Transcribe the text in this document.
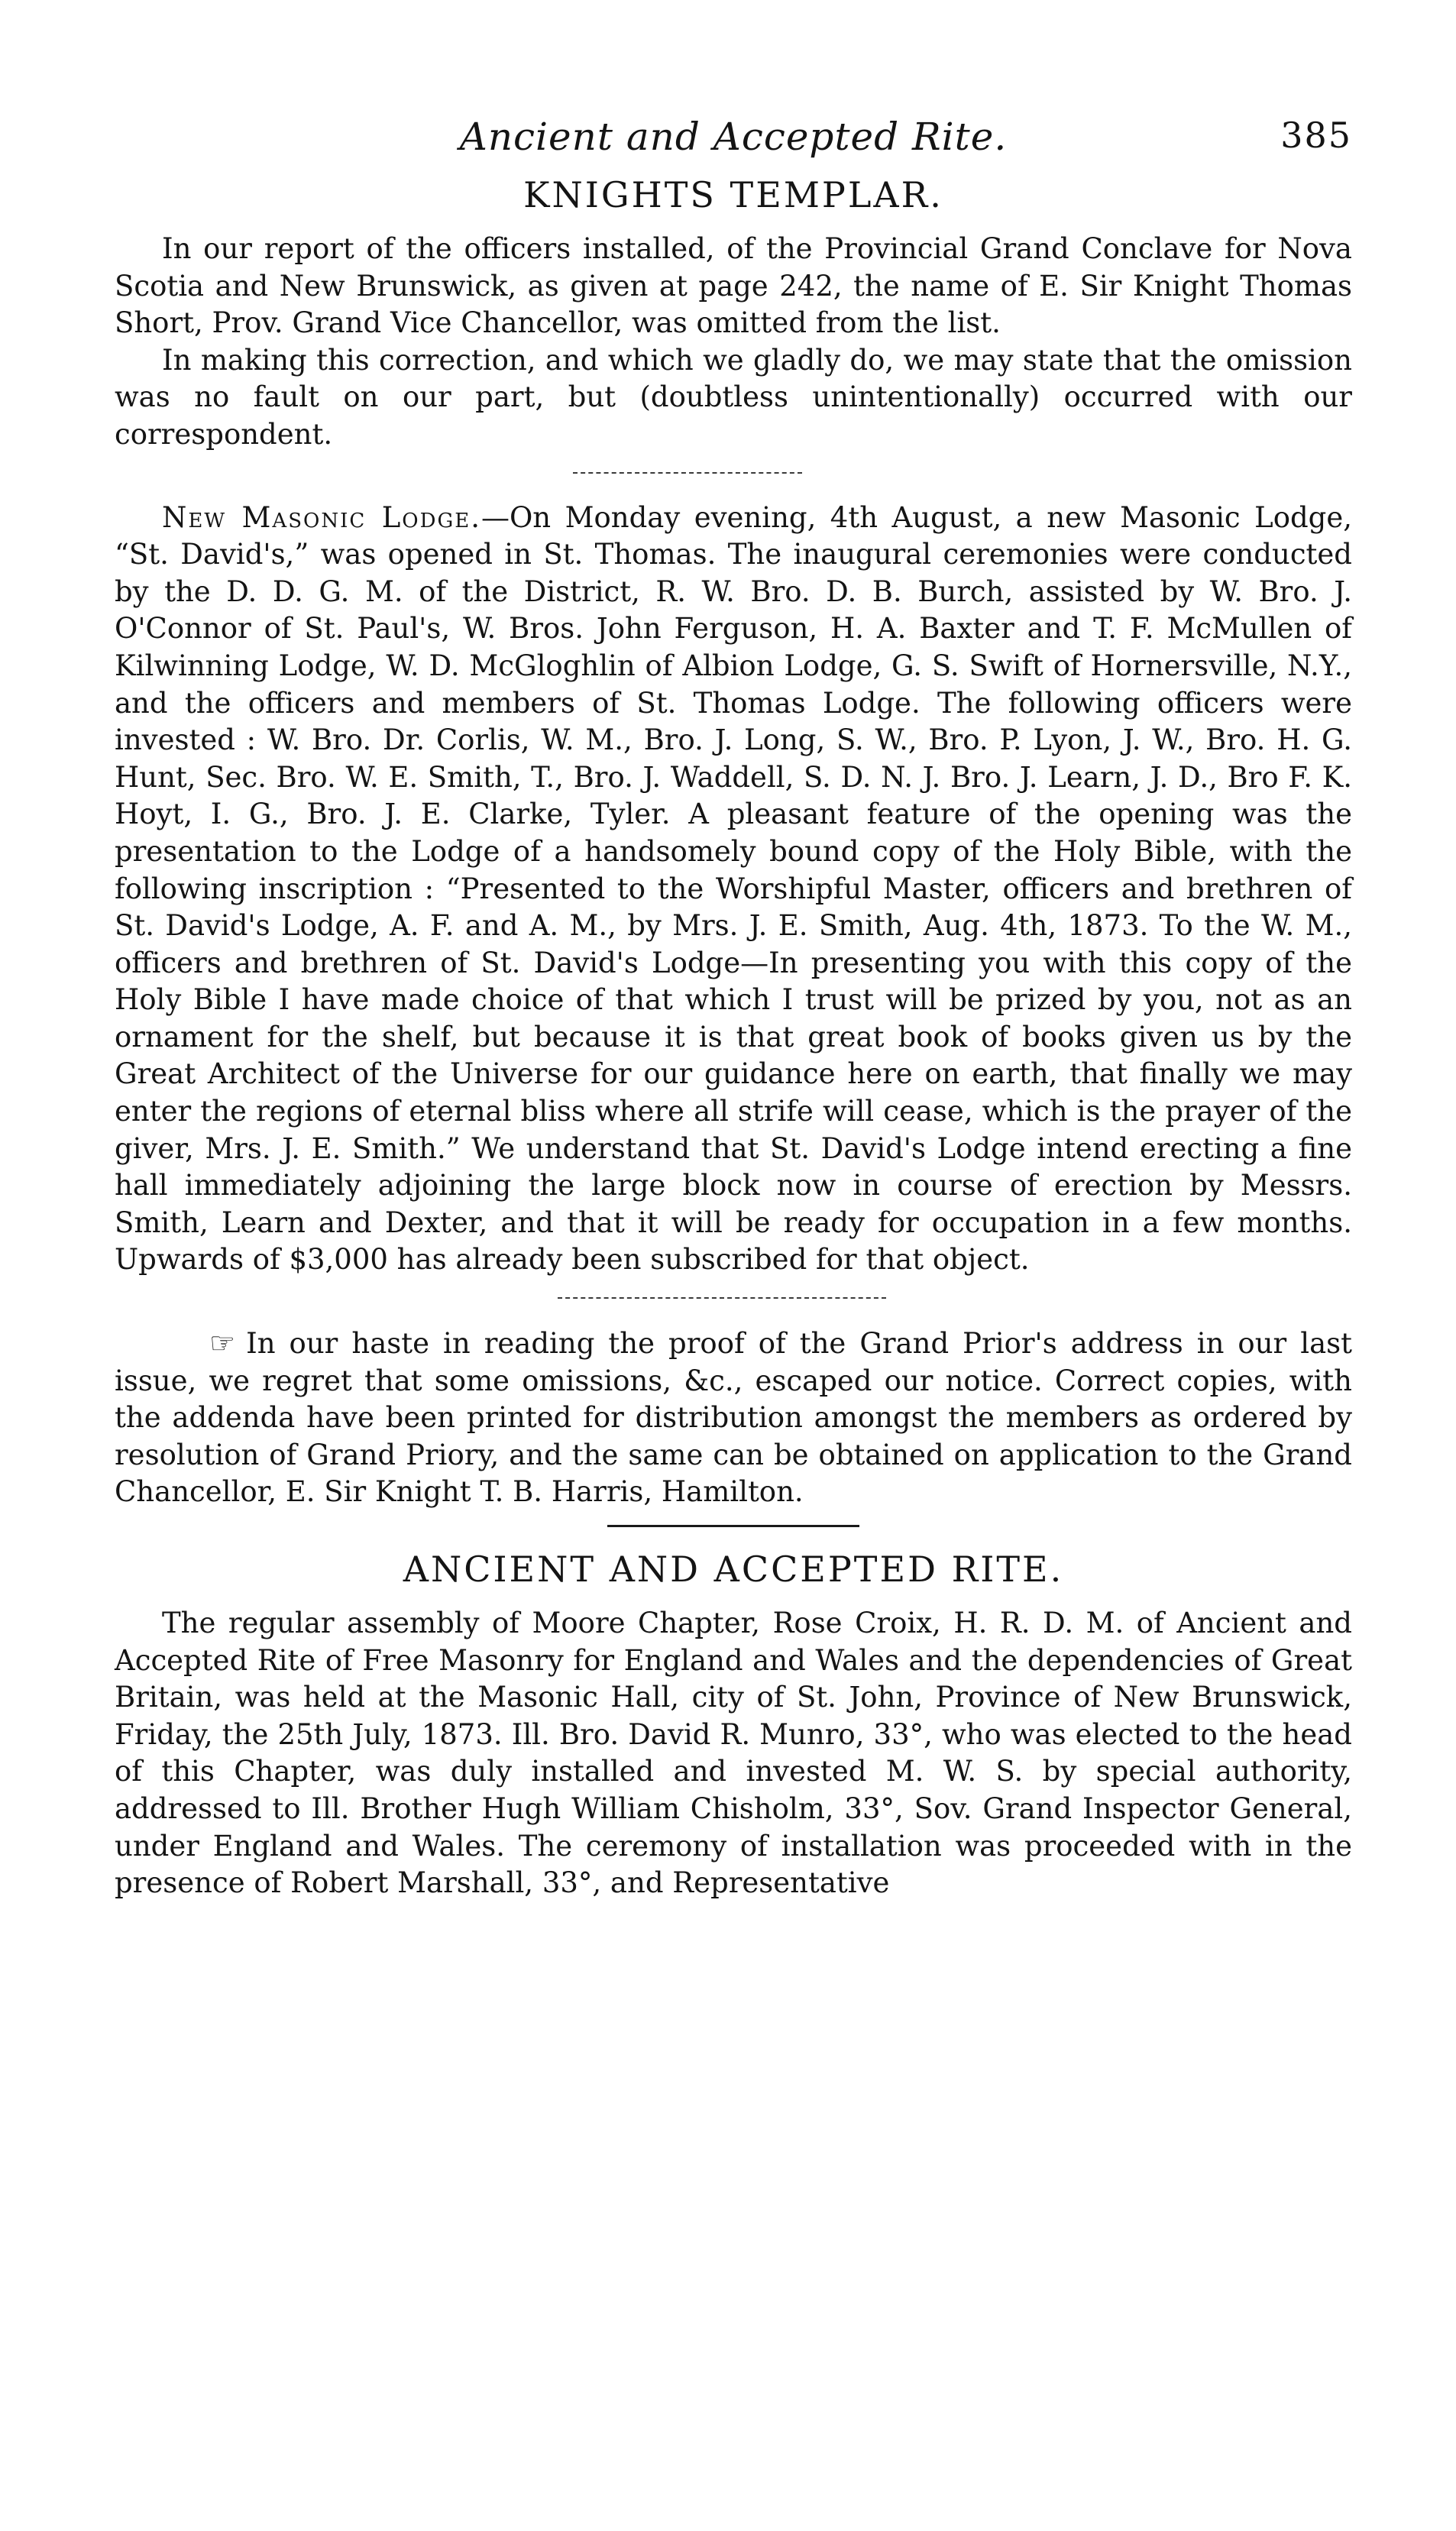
Ancient and Accepted Rite.	385
KNIGHTS TEMPLAR.

In our report of the officers installed, of the Provincial Grand Conclave for Nova Scotia and New Brunswick, as given at page 242, the name of E. Sir Knight Thomas Short, Prov. Grand Vice Chancellor, was omitted from the list.

In making this correction, and which we gladly do, we may state that the omission was no fault on our part, but (doubtless unintentionally) occurred with our correspondent.

New Masonic Lodge.—On Monday evening, 4th August, a new Masonic Lodge, “St. David's,” was opened in St. Thomas. The inaugural ceremonies were conducted by the D. D. G. M. of the District, R. W. Bro. D. B. Burch, assisted by W. Bro. J. O'Connor of St. Paul's, W. Bros. John Ferguson, H. A. Baxter and T. F. McMullen of Kilwinning Lodge, W. D. McGloghlin of Albion Lodge, G. S. Swift of Hornersville, N.Y., and the officers and members of St. Thomas Lodge. The following officers were invested : W. Bro. Dr. Corlis, W. M., Bro. J. Long, S. W., Bro. P. Lyon, J. W., Bro. H. G. Hunt, Sec. Bro. W. E. Smith, T., Bro. J. Waddell, S. D. N. J. Bro. J. Learn, J. D., Bro F. K. Hoyt, I. G., Bro. J. E. Clarke, Tyler. A pleasant feature of the opening was the presentation to the Lodge of a handsomely bound copy of the Holy Bible, with the following inscription : “Presented to the Worshipful Master, officers and brethren of St. David's Lodge, A. F. and A. M., by Mrs. J. E. Smith, Aug. 4th, 1873. To the W. M., officers and brethren of St. David's Lodge—In presenting you with this copy of the Holy Bible I have made choice of that which I trust will be prized by you, not as an ornament for the shelf, but because it is that great book of books given us by the Great Architect of the Universe for our guidance here on earth, that finally we may enter the regions of eternal bliss where all strife will cease, which is the prayer of the giver, Mrs. J. E. Smith.” We understand that St. David's Lodge intend erecting a fine hall immediately adjoining the large block now in course of erection by Messrs. Smith, Learn and Dexter, and that it will be ready for occupation in a few months. Upwards of $3,000 has already been subscribed for that object.

☞ In our haste in reading the proof of the Grand Prior's address in our last issue, we regret that some omissions, &c., escaped our notice. Correct copies, with the addenda have been printed for distribution amongst the members as ordered by resolution of Grand Priory, and the same can be obtained on application to the Grand Chancellor, E. Sir Knight T. B. Harris, Hamilton.

ANCIENT AND ACCEPTED RITE.

The regular assembly of Moore Chapter, Rose Croix, H. R. D. M. of Ancient and Accepted Rite of Free Masonry for England and Wales and the dependencies of Great Britain, was held at the Masonic Hall, city of St. John, Province of New Brunswick, Friday, the 25th July, 1873. Ill. Bro. David R. Munro, 33°, who was elected to the head of this Chapter, was duly installed and invested M. W. S. by special authority, addressed to Ill. Brother Hugh William Chisholm, 33°, Sov. Grand Inspector General, under England and Wales. The ceremony of installation was proceeded with in the presence of Robert Marshall, 33°, and Representative
